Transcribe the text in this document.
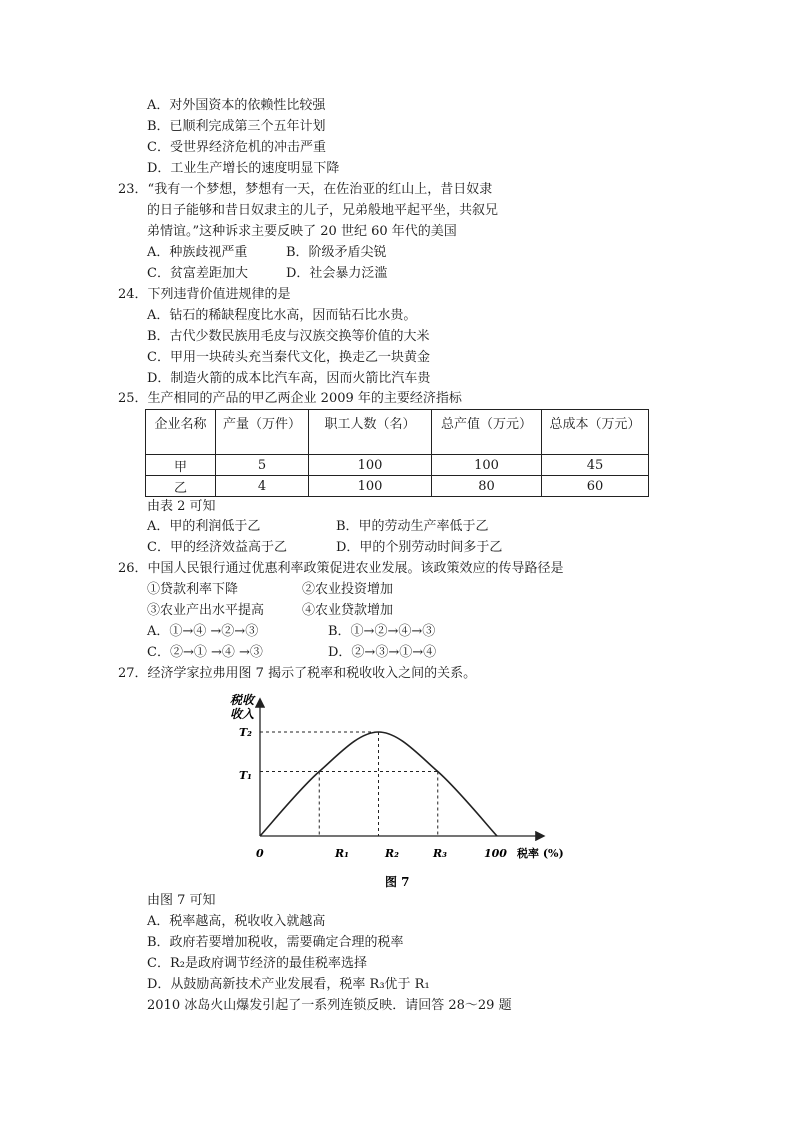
A．对外国资本的依赖性比较强
B．已顺利完成第三个五年计划
C．受世界经济危机的冲击严重
D．工业生产增长的速度明显下降
23．“我有一个梦想，梦想有一天，在佐治亚的红山上，昔日奴隶
的日子能够和昔日奴隶主的儿子，兄弟般地平起平坐，共叙兄
弟情谊。”这种诉求主要反映了 20 世纪 60 年代的美国
A．种族歧视严重	B．阶级矛盾尖锐
C．贫富差距加大	D．社会暴力泛滥
24．下列违背价值进规律的是
A．钻石的稀缺程度比水高，因而钻石比水贵。
B．古代少数民族用毛皮与汉族交换等价值的大米
C．甲用一块砖头充当秦代文化，换走乙一块黄金
D．制造火箭的成本比汽车高，因而火箭比汽车贵
25．生产相同的产品的甲乙两企业 2009 年的主要经济指标
企业名称	产量（万件）	职工人数（名）	总产值（万元）	总成本（万元）
甲	5	100	100	45
乙	4	100	80	60
由表 2 可知
A．甲的利润低于乙	B．甲的劳动生产率低于乙
C．甲的经济效益高于乙	D．甲的个别劳动时间多于乙
26．中国人民银行通过优惠利率政策促进农业发展。该政策效应的传导路径是
①贷款利率下降	②农业投资增加
③农业产出水平提高	④农业贷款增加
A．①→④ →②→③	B．①→②→④→③
C．②→① →④ →③	D．②→③→①→④
27．经济学家拉弗用图 7 揭示了税率和税收收入之间的关系。
税收
收入
T₂
T₁
0	R₁	R₂	R₃	100 税率 (%)
图 7
由图 7 可知
A．税率越高，税收收入就越高
B．政府若要增加税收，需要确定合理的税率
C．R₂是政府调节经济的最佳税率选择
D．从鼓励高新技术产业发展看，税率 R₃优于 R₁
2010 冰岛火山爆发引起了一系列连锁反映．请回答 28～29 题
